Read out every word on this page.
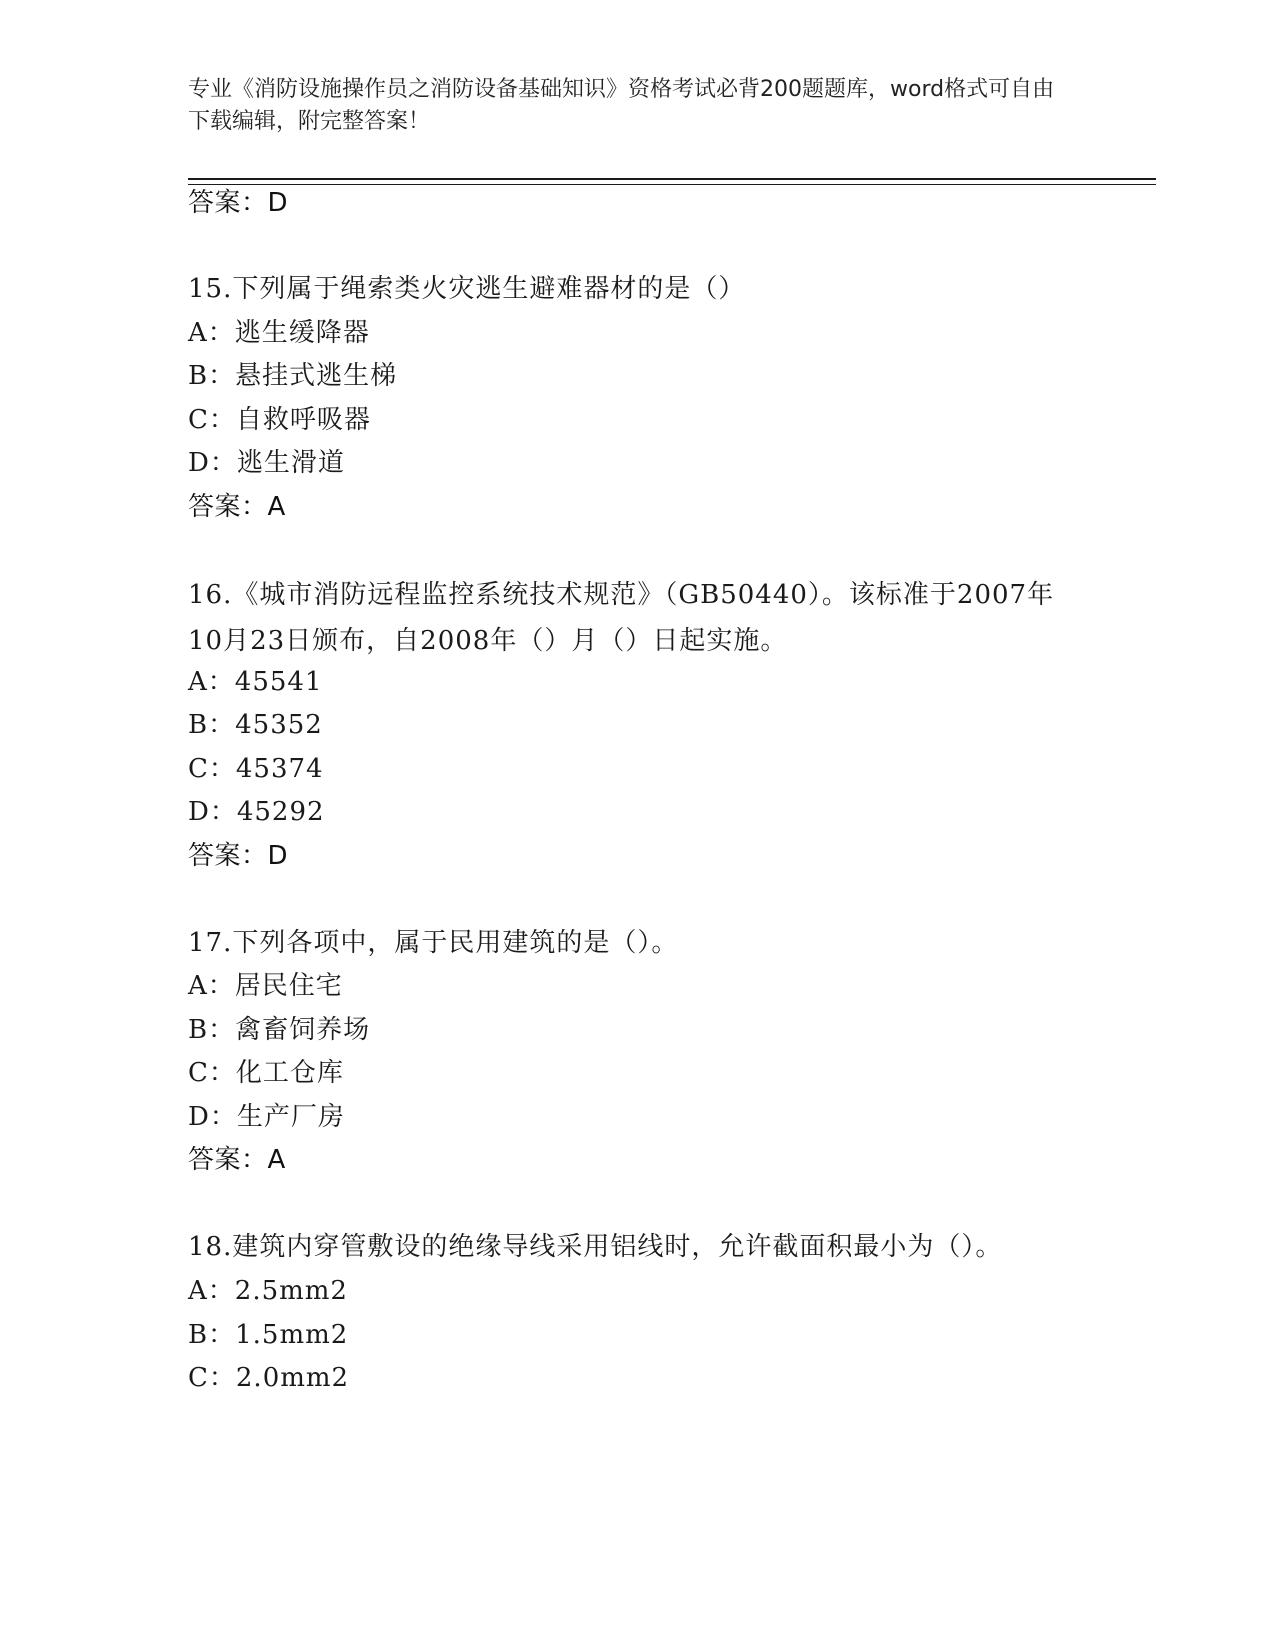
专业《消防设施操作员之消防设备基础知识》资格考试必背200题题库，word格式可自由下载编辑，附完整答案！
答案：D
15.下列属于绳索类火灾逃生避难器材的是（）
A：逃生缓降器
B：悬挂式逃生梯
C：自救呼吸器
D：逃生滑道
答案：A
16.《城市消防远程监控系统技术规范》（GB50440）。该标准于2007年10月23日颁布，自2008年（）月（）日起实施。
A：45541
B：45352
C：45374
D：45292
答案：D
17.下列各项中，属于民用建筑的是（）。
A：居民住宅
B：禽畜饲养场
C：化工仓库
D：生产厂房
答案：A
18.建筑内穿管敷设的绝缘导线采用铝线时，允许截面积最小为（）。
A：2.5mm2
B：1.5mm2
C：2.0mm2
